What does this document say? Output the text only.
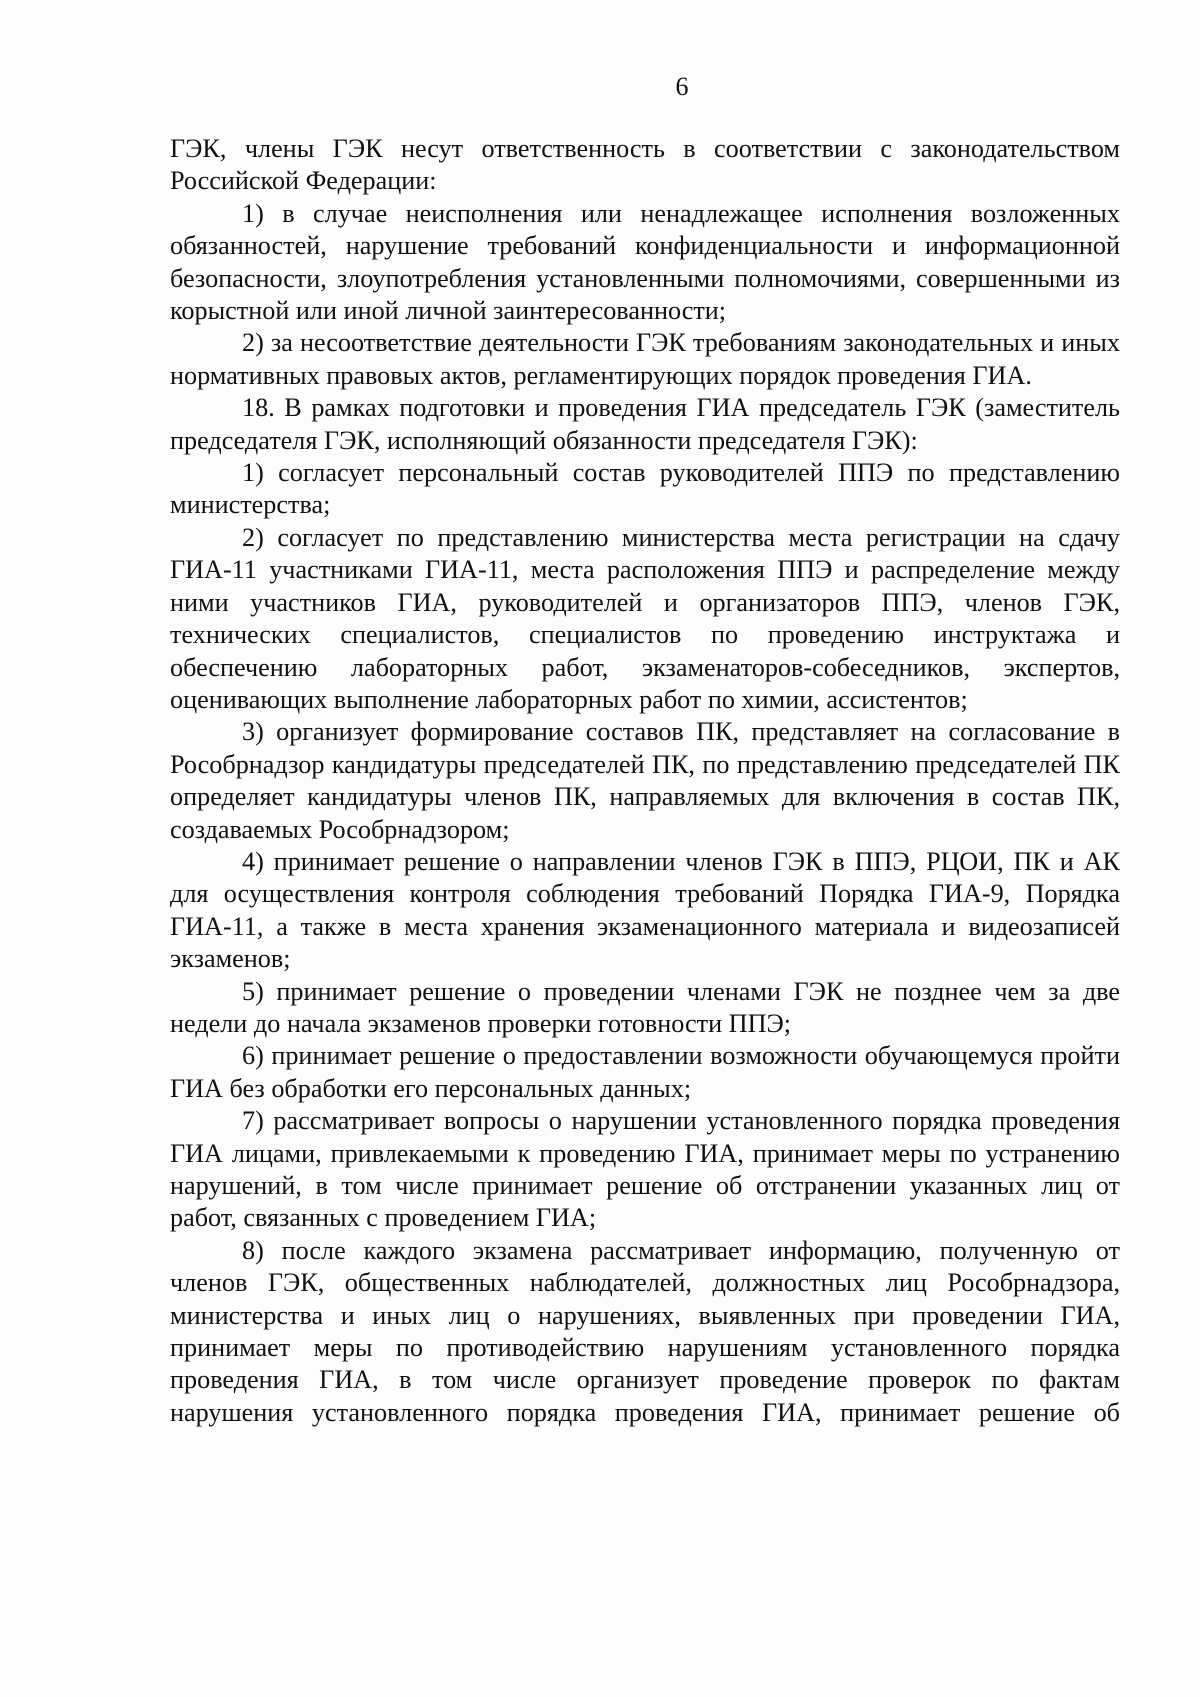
6

ГЭК, члены ГЭК несут ответственность в соответствии с законодательством Российской Федерации:

1) в случае неисполнения или ненадлежащее исполнения возложенных обязанностей, нарушение требований конфиденциальности и информационной безопасности, злоупотребления установленными полномочиями, совершенными из корыстной или иной личной заинтересованности;

2) за несоответствие деятельности ГЭК требованиям законодательных и иных нормативных правовых актов, регламентирующих порядок проведения ГИА.

18. В рамках подготовки и проведения ГИА председатель ГЭК (заместитель председателя ГЭК, исполняющий обязанности председателя ГЭК):

1) согласует персональный состав руководителей ППЭ по представлению министерства;

2) согласует по представлению министерства места регистрации на сдачу ГИА-11 участниками ГИА-11, места расположения ППЭ и распределение между ними участников ГИА, руководителей и организаторов ППЭ, членов ГЭК, технических специалистов, специалистов по проведению инструктажа и обеспечению лабораторных работ, экзаменаторов-собеседников, экспертов, оценивающих выполнение лабораторных работ по химии, ассистентов;

3) организует формирование составов ПК, представляет на согласование в Рособрнадзор кандидатуры председателей ПК, по представлению председателей ПК определяет кандидатуры членов ПК, направляемых для включения в состав ПК, создаваемых Рособрнадзором;

4) принимает решение о направлении членов ГЭК в ППЭ, РЦОИ, ПК и АК для осуществления контроля соблюдения требований Порядка ГИА-9, Порядка ГИА-11, а также в места хранения экзаменационного материала и видеозаписей экзаменов;

5) принимает решение о проведении членами ГЭК не позднее чем за две недели до начала экзаменов проверки готовности ППЭ;

6) принимает решение о предоставлении возможности обучающемуся пройти ГИА без обработки его персональных данных;

7) рассматривает вопросы о нарушении установленного порядка проведения ГИА лицами, привлекаемыми к проведению ГИА, принимает меры по устранению нарушений, в том числе принимает решение об отстранении указанных лиц от работ, связанных с проведением ГИА;

8) после каждого экзамена рассматривает информацию, полученную от членов ГЭК, общественных наблюдателей, должностных лиц Рособрнадзора, министерства и иных лиц о нарушениях, выявленных при проведении ГИА, принимает меры по противодействию нарушениям установленного порядка проведения ГИА, в том числе организует проведение проверок по фактам нарушения установленного порядка проведения ГИА, принимает решение об
